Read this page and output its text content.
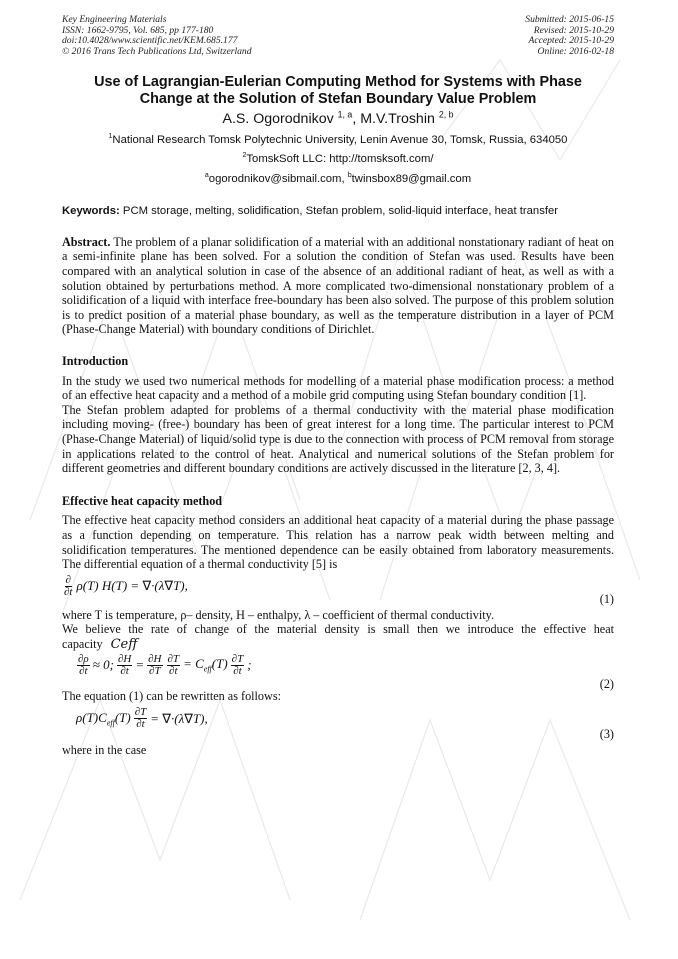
Key Engineering Materials
ISSN: 1662-9795, Vol. 685, pp 177-180
doi:10.4028/www.scientific.net/KEM.685.177
© 2016 Trans Tech Publications Ltd, Switzerland
Submitted: 2015-06-15
Revised: 2015-10-29
Accepted: 2015-10-29
Online: 2016-02-18
Use of Lagrangian-Eulerian Computing Method for Systems with Phase
Change at the Solution of Stefan Boundary Value Problem
A.S. Ogorodnikov $^{1, a}$, M.V.Troshin $^{2, b}$
$^1$National Research Tomsk Polytechnic University, Lenin Avenue 30, Tomsk, Russia, 634050
$^2$TomskSoft LLC: http://tomsksoft.com/
$^a$ogorodnikov@sibmail.com, $^b$twinsbox89@gmail.com
Keywords: PCM storage, melting, solidification, Stefan problem, solid-liquid interface, heat transfer
Abstract. The problem of a planar solidification of a material with an additional nonstationary radiant of heat on a semi-infinite plane has been solved. For a solution the condition of Stefan was used. Results have been compared with an analytical solution in case of the absence of an additional radiant of heat, as well as with a solution obtained by perturbations method. A more complicated two-dimensional nonstationary problem of a solidification of a liquid with interface free-boundary has been also solved. The purpose of this problem solution is to predict position of a material phase boundary, as well as the temperature distribution in a layer of PCM (Phase-Change Material) with boundary conditions of Dirichlet.
Introduction
In the study we used two numerical methods for modelling of a material phase modification process: a method of an effective heat capacity and a method of a mobile grid computing using Stefan boundary condition [1].
The Stefan problem adapted for problems of a thermal conductivity with the material phase modification including moving- (free-) boundary has been of great interest for a long time. The particular interest to PCM (Phase-Change Material) of liquid/solid type is due to the connection with process of PCM removal from storage in applications related to the control of heat. Analytical and numerical solutions of the Stefan problem for different geometries and different boundary conditions are actively discussed in the literature [2, 3, 4].
Effective heat capacity method
The effective heat capacity method considers an additional heat capacity of a material during the phase passage as a function depending on temperature. This relation has a narrow peak width between melting and solidification temperatures. The mentioned dependence can be easily obtained from laboratory measurements. The differential equation of a thermal conductivity [5] is
$\frac{\partial}{\partial t} \rho(T) H(T) = \nabla\cdot(\lambda\nabla T)$,
(1)
where T is temperature, ρ– density, H – enthalpy, λ – coefficient of thermal conductivity.
We believe the rate of change of the material density is small then we introduce the effective heat capacity Ceff
$\frac{\partial\rho}{\partial t} \approx 0$; $\frac{\partial H}{\partial t} = \frac{\partial H}{\partial T} \frac{\partial T}{\partial t} = C_{eff}(T) \frac{\partial T}{\partial t}$ ;
(2)
The equation (1) can be rewritten as follows:
$\rho(T)C_{eff}(T) \frac{\partial T}{\partial t} = \nabla\cdot(\lambda\nabla T)$,
(3)
where in the case
